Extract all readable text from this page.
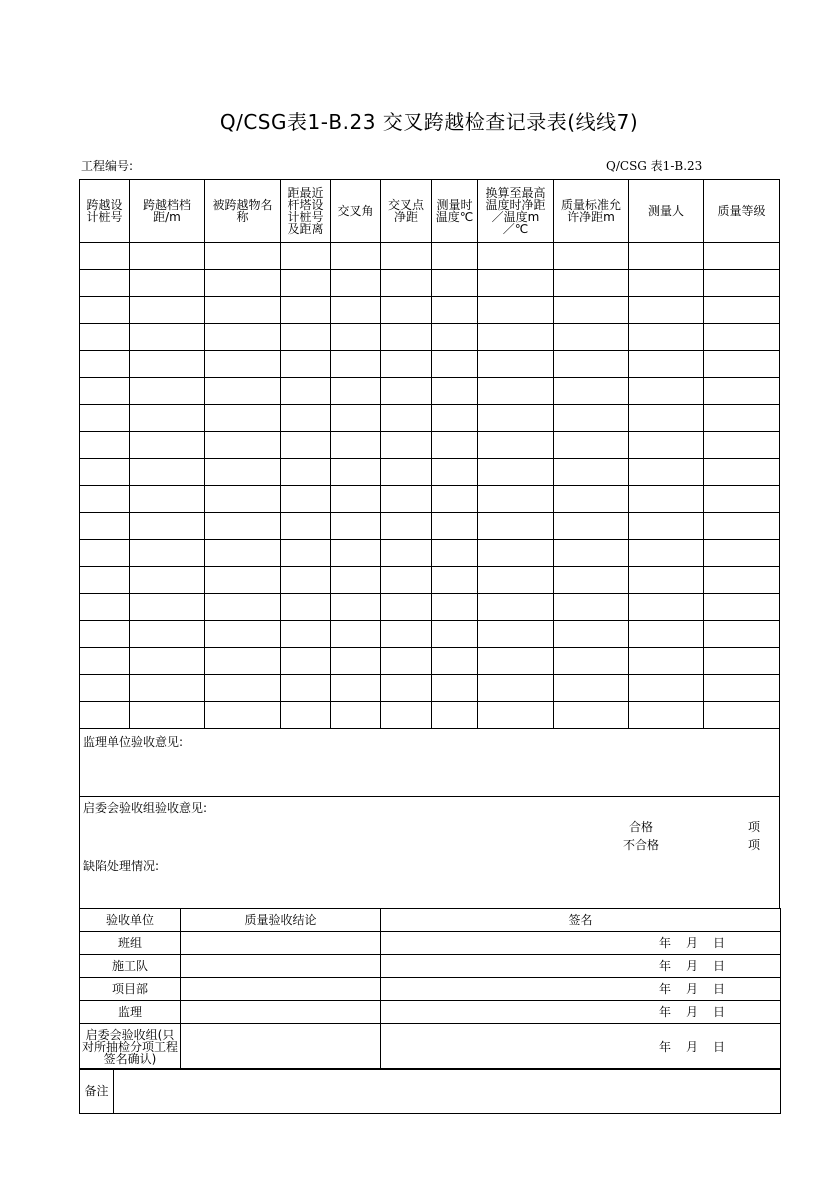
Q/CSG表1-B.23 交叉跨越检查记录表(线线7)
工程编号:	Q/CSG 表1-B.23
跨越设计桩号	跨越档档距/m	被跨越物名称	距最近杆塔设计桩号及距离	交叉角	交叉点净距	测量时温度℃	换算至最高温度时净距／温度m／℃	质量标准允许净距m	测量人	质量等级

监理单位验收意见:

启委会验收组验收意见:
合格	项
不合格	项
缺陷处理情况:
验收单位	质量验收结论	签名
班组		年 月 日
施工队		年 月 日
项目部		年 月 日
监理		年 月 日
启委会验收组(只对所抽检分项工程签名确认)		年 月 日
备注	
